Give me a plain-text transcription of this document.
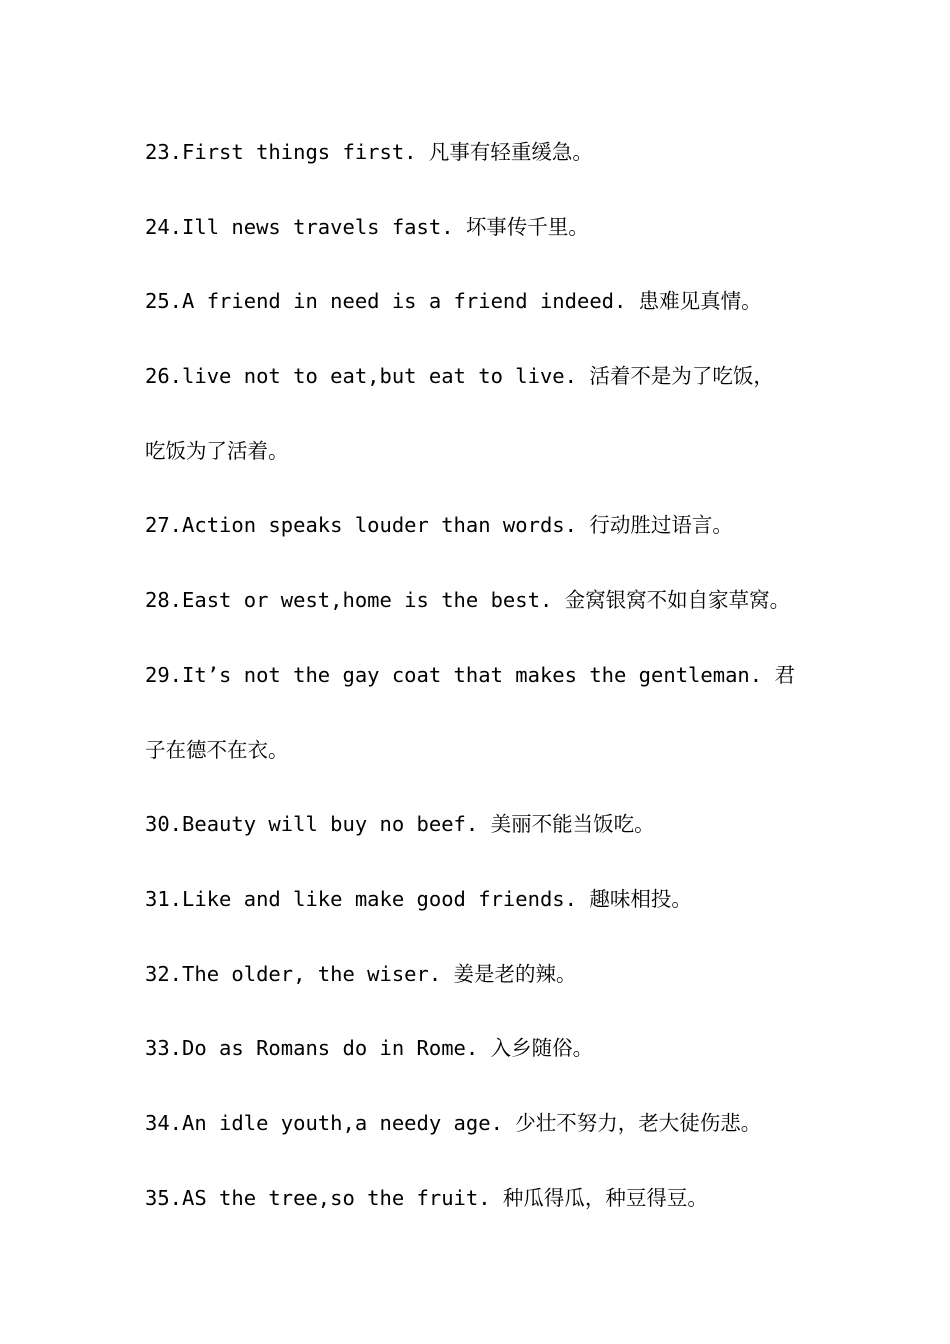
23.First things first. 凡事有轻重缓急。
24.Ill news travels fast. 坏事传千里。
25.A friend in need is a friend indeed. 患难见真情。
26.live not to eat,but eat to live. 活着不是为了吃饭，
吃饭为了活着。
27.Action speaks louder than words. 行动胜过语言。
28.East or west,home is the best. 金窝银窝不如自家草窝。
29.It’s not the gay coat that makes the gentleman. 君
子在德不在衣。
30.Beauty will buy no beef. 美丽不能当饭吃。
31.Like and like make good friends. 趣味相投。
32.The older, the wiser. 姜是老的辣。
33.Do as Romans do in Rome. 入乡随俗。
34.An idle youth,a needy age. 少壮不努力，老大徒伤悲。
35.AS the tree,so the fruit. 种瓜得瓜，种豆得豆。
